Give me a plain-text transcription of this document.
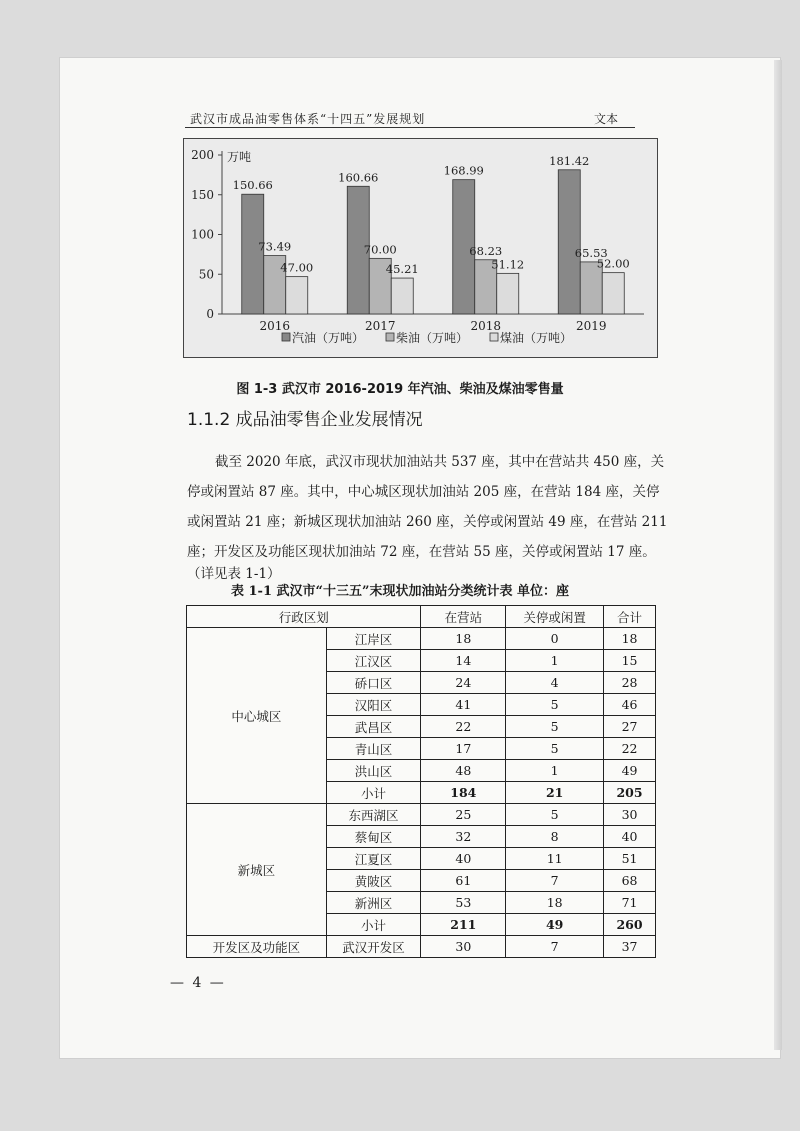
武汉市成品油零售体系“十四五”发展规划	文本
0
50
100
150
200 万吨
150.66
73.49
47.00
2016
160.66
70.00
45.21
2017
168.99
68.23
51.12
2018
181.42
65.53
52.00
2019
汽油（万吨）	柴油（万吨）	煤油（万吨）
图 1-3 武汉市 2016-2019 年汽油、柴油及煤油零售量
1.1.2 成品油零售企业发展情况
截至 2020 年底，武汉市现状加油站共 537 座，其中在营站共 450 座，关
停或闲置站 87 座。其中，中心城区现状加油站 205 座，在营站 184 座，关停
或闲置站 21 座；新城区现状加油站 260 座，关停或闲置站 49 座，在营站 211
座；开发区及功能区现状加油站 72 座，在营站 55 座，关停或闲置站 17 座。
（详见表 1-1）
表 1-1 武汉市“十三五”末现状加油站分类统计表 单位：座
行政区划		在营站	关停或闲置	合计
中心城区	江岸区	18	0	18
	江汉区	14	1	15
	硚口区	24	4	28
	汉阳区	41	5	46
	武昌区	22	5	27
	青山区	17	5	22
	洪山区	48	1	49
	小计	184	21	205
新城区	东西湖区	25	5	30
	蔡甸区	32	8	40
	江夏区	40	11	51
	黄陂区	61	7	68
	新洲区	53	18	71
	小计	211	49	260
开发区及功能区	武汉开发区	30	7	37
— 4 —
